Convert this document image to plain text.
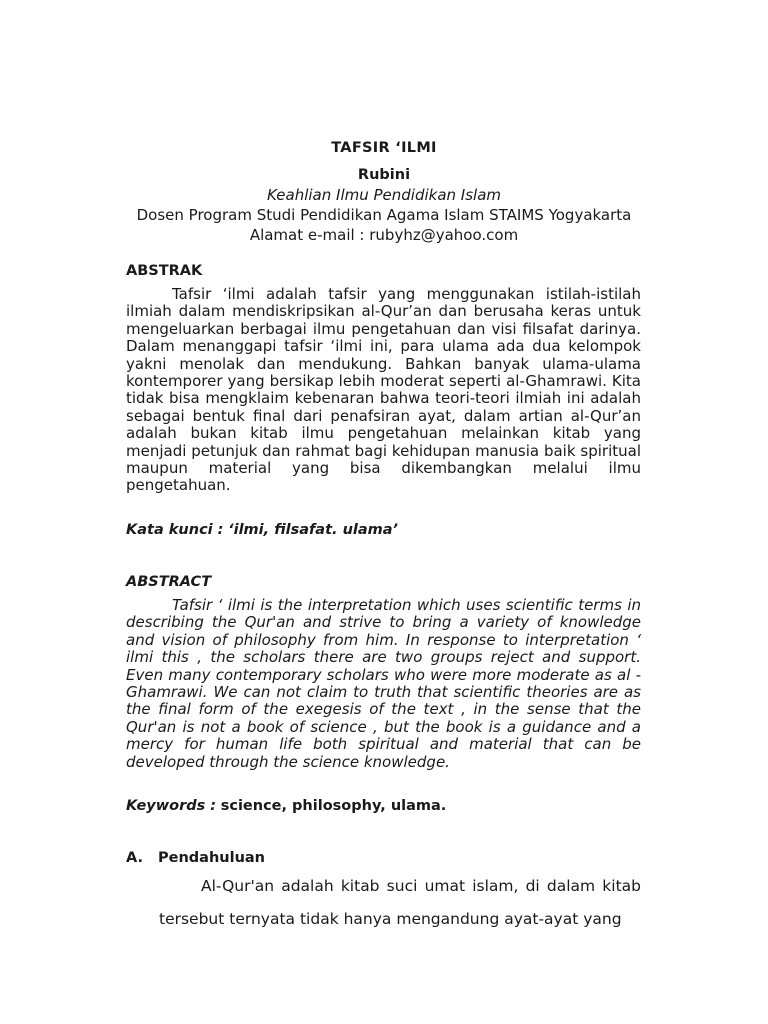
TAFSIR ‘ILMI
Rubini
Keahlian Ilmu Pendidikan Islam
Dosen Program Studi Pendidikan Agama Islam STAIMS Yogyakarta
Alamat e-mail : rubyhz@yahoo.com
ABSTRAK

Tafsir ‘ilmi adalah tafsir yang menggunakan istilah-istilah ilmiah dalam mendiskripsikan al-Qur’an dan berusaha keras untuk mengeluarkan berbagai ilmu pengetahuan dan visi filsafat darinya. Dalam menanggapi tafsir ‘ilmi ini, para ulama ada dua kelompok yakni menolak dan mendukung. Bahkan banyak ulama-ulama kontemporer yang bersikap lebih moderat seperti al-Ghamrawi. Kita tidak bisa mengklaim kebenaran bahwa teori-teori ilmiah ini adalah sebagai bentuk final dari penafsiran ayat, dalam artian al-Qur’an adalah bukan kitab ilmu pengetahuan melainkan kitab yang menjadi petunjuk dan rahmat bagi kehidupan manusia baik spiritual maupun material yang bisa dikembangkan melalui ilmu pengetahuan.

Kata kunci : ‘ilmi, filsafat. ulama’
ABSTRACT

Tafsir ‘ ilmi is the interpretation which uses scientific terms in describing the Qur'an and strive to bring a variety of knowledge and vision of philosophy from him. In response to interpretation ‘ ilmi this , the scholars there are two groups reject and support. Even many contemporary scholars who were more moderate as al - Ghamrawi. We can not claim to truth that scientific theories are as the final form of the exegesis of the text , in the sense that the Qur'an is not a book of science , but the book is a guidance and a mercy for human life both spiritual and material that can be developed through the science knowledge.

Keywords : science, philosophy, ulama.
A. Pendahuluan

Al-Qur'an adalah kitab suci umat islam, di dalam kitab tersebut ternyata tidak hanya mengandung ayat-ayat yang
